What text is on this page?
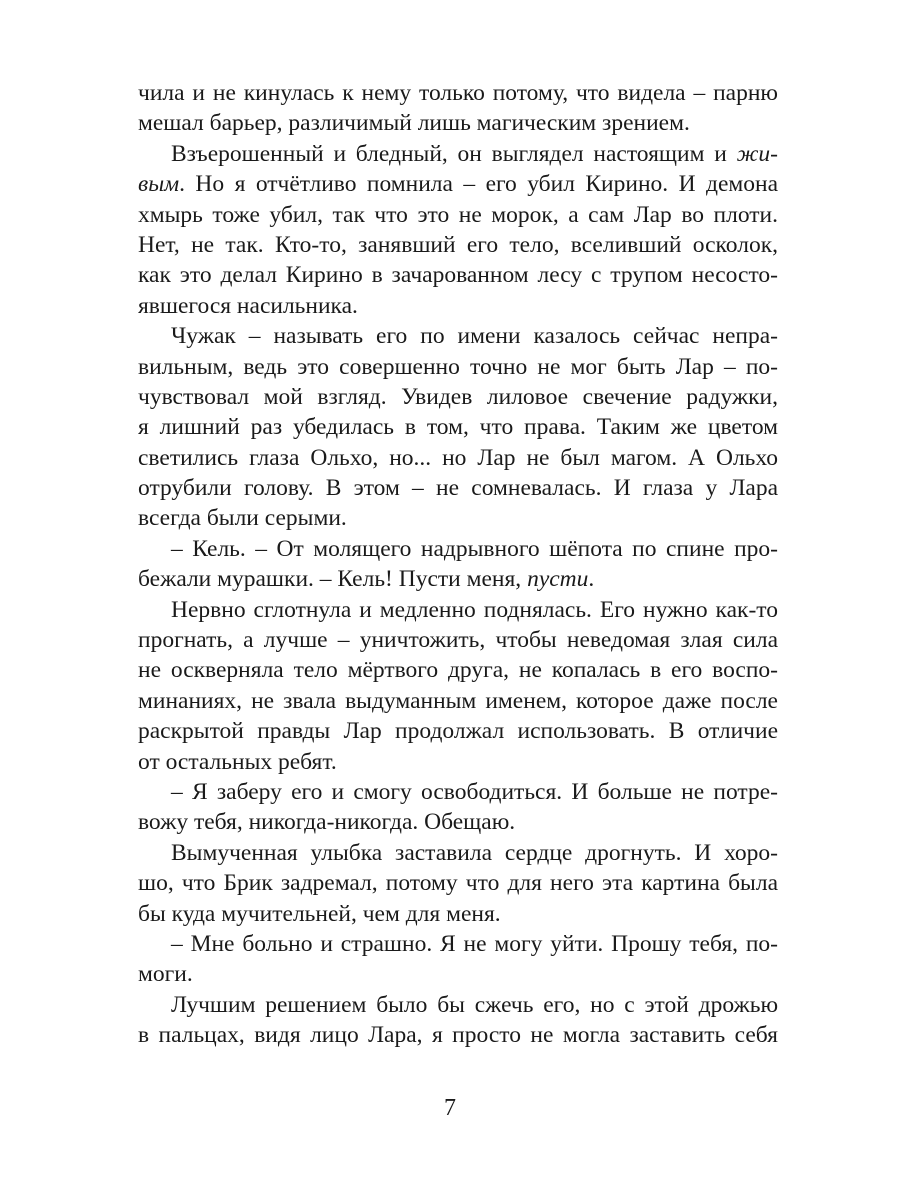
чила и не кинулась к нему только потому, что видела – парню
мешал барьер, различимый лишь магическим зрением.
Взъерошенный и бледный, он выглядел настоящим и жи-
вым. Но я отчётливо помнила – его убил Кирино. И демона
хмырь тоже убил, так что это не морок, а сам Лар во плоти.
Нет, не так. Кто-то, занявший его тело, вселивший осколок,
как это делал Кирино в зачарованном лесу с трупом несосто-
явшегося насильника.
Чужак – называть его по имени казалось сейчас непра-
вильным, ведь это совершенно точно не мог быть Лар – по-
чувствовал мой взгляд. Увидев лиловое свечение радужки,
я лишний раз убедилась в том, что права. Таким же цветом
светились глаза Ольхо, но... но Лар не был магом. А Ольхо
отрубили голову. В этом – не сомневалась. И глаза у Лара
всегда были серыми.
– Кель. – От молящего надрывного шёпота по спине про-
бежали мурашки. – Кель! Пусти меня, пусти.
Нервно сглотнула и медленно поднялась. Его нужно как-то
прогнать, а лучше – уничтожить, чтобы неведомая злая сила
не оскверняла тело мёртвого друга, не копалась в его воспо-
минаниях, не звала выдуманным именем, которое даже после
раскрытой правды Лар продолжал использовать. В отличие
от остальных ребят.
– Я заберу его и смогу освободиться. И больше не потре-
вожу тебя, никогда-никогда. Обещаю.
Вымученная улыбка заставила сердце дрогнуть. И хоро-
шо, что Брик задремал, потому что для него эта картина была
бы куда мучительней, чем для меня.
– Мне больно и страшно. Я не могу уйти. Прошу тебя, по-
моги.
Лучшим решением было бы сжечь его, но с этой дрожью
в пальцах, видя лицо Лара, я просто не могла заставить себя
7
